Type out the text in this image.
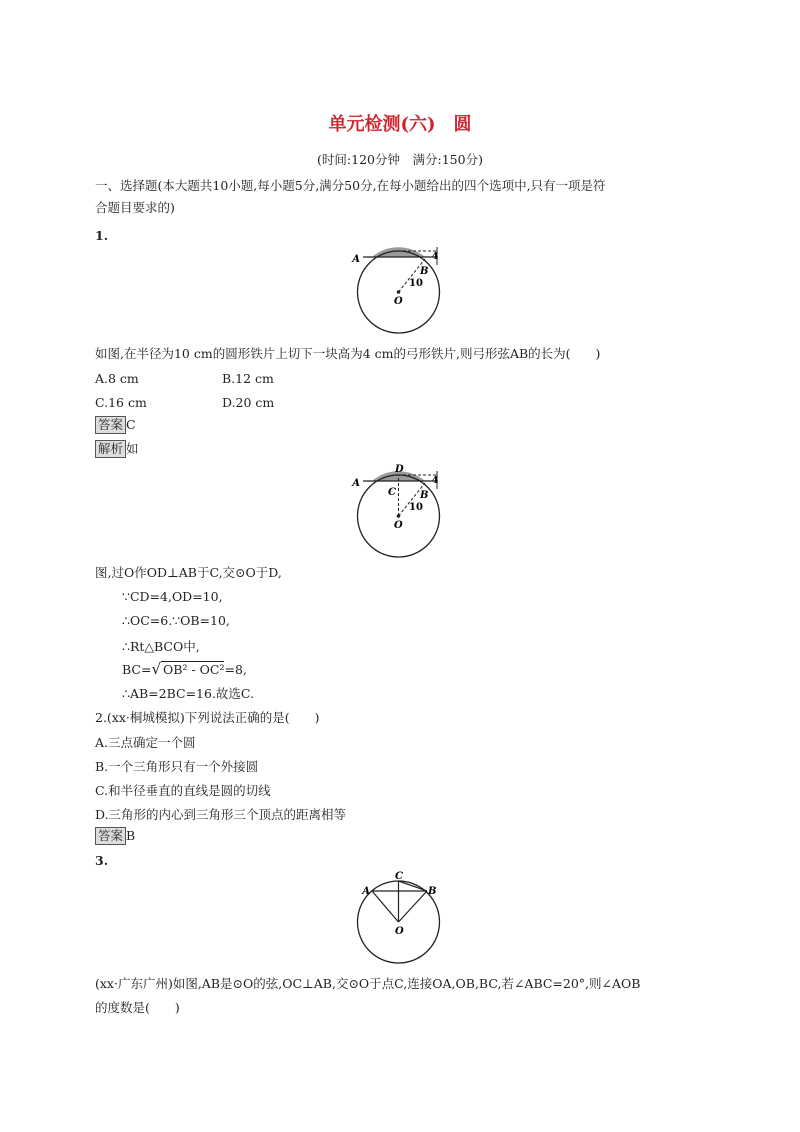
单元检测(六)　圆
(时间:120分钟　满分:150分)
一、选择题(本大题共10小题,每小题5分,满分50分,在每小题给出的四个选项中,只有一项是符
合题目要求的)
1.
A
B
O
10
4
如图,在半径为10 cm的圆形铁片上切下一块高为4 cm的弓形铁片,则弓形弦AB的长为(　　)
A.8 cm	B.12 cm
C.16 cm	D.20 cm
答案 C
解析 如
D
A
C B
O
10
4
图,过O作OD⊥AB于C,交⊙O于D,
∵CD=4,OD=10,
∴OC=6.∵OB=10,
∴Rt△BCO中,
BC=√ OB² - OC²=8,
∴AB=2BC=16.故选C.
2.(xx·桐城模拟)下列说法正确的是(　　)
A.三点确定一个圆
B.一个三角形只有一个外接圆
C.和半径垂直的直线是圆的切线
D.三角形的内心到三角形三个顶点的距离相等
答案 B
3.
C
A	B
O
(xx·广东广州)如图,AB是⊙O的弦,OC⊥AB,交⊙O于点C,连接OA,OB,BC,若∠ABC=20°,则∠AOB
的度数是(　　)
